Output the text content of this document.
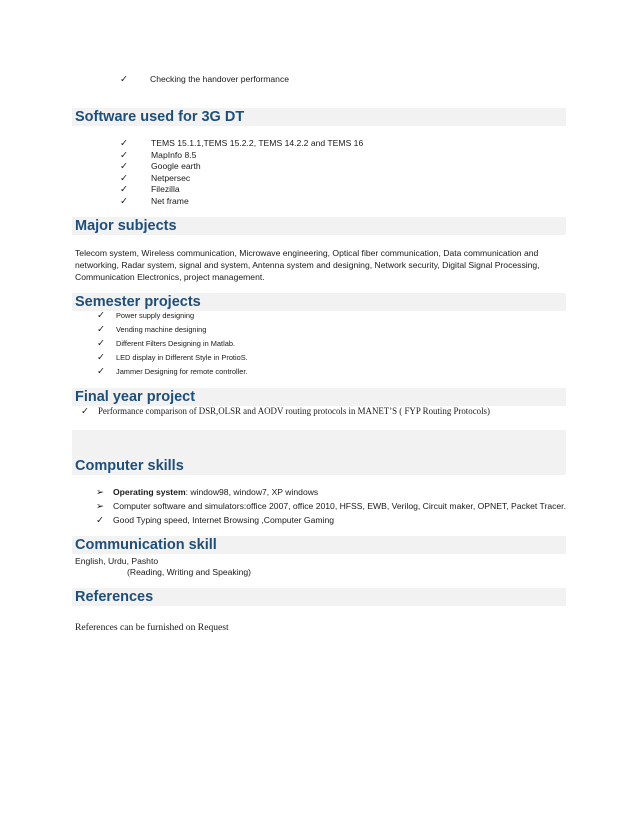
✓	Checking the handover performance
Software used for 3G DT
✓	TEMS 15.1.1,TEMS 15.2.2, TEMS 14.2.2 and TEMS 16
✓	MapInfo 8.5
✓	Google earth
✓	Netpersec
✓	Filezilla
✓	Net frame
Major subjects
Telecom system, Wireless communication, Microwave engineering, Optical fiber communication, Data communication and networking, Radar system, signal and system, Antenna system and designing, Network security, Digital Signal Processing, Communication Electronics, project management.
Semester projects
✓ Power supply designing
✓ Vending machine designing
✓ Different Filters Designing in Matlab.
✓ LED display in Different Style in ProtioS.
✓ Jammer Designing for remote controller.
Final year project
✓ Performance comparison of DSR,OLSR and AODV routing protocols in MANET’S ( FYP Routing Protocols)
Computer skills
➢ Operating system: window98, window7, XP windows
➢ Computer software and simulators:office 2007, office 2010, HFSS, EWB, Verilog, Circuit maker, OPNET, Packet Tracer.
✓ Good Typing speed, Internet Browsing ,Computer Gaming
Communication skill
English, Urdu, Pashto
(Reading, Writing and Speaking)
References
References can be furnished on Request
